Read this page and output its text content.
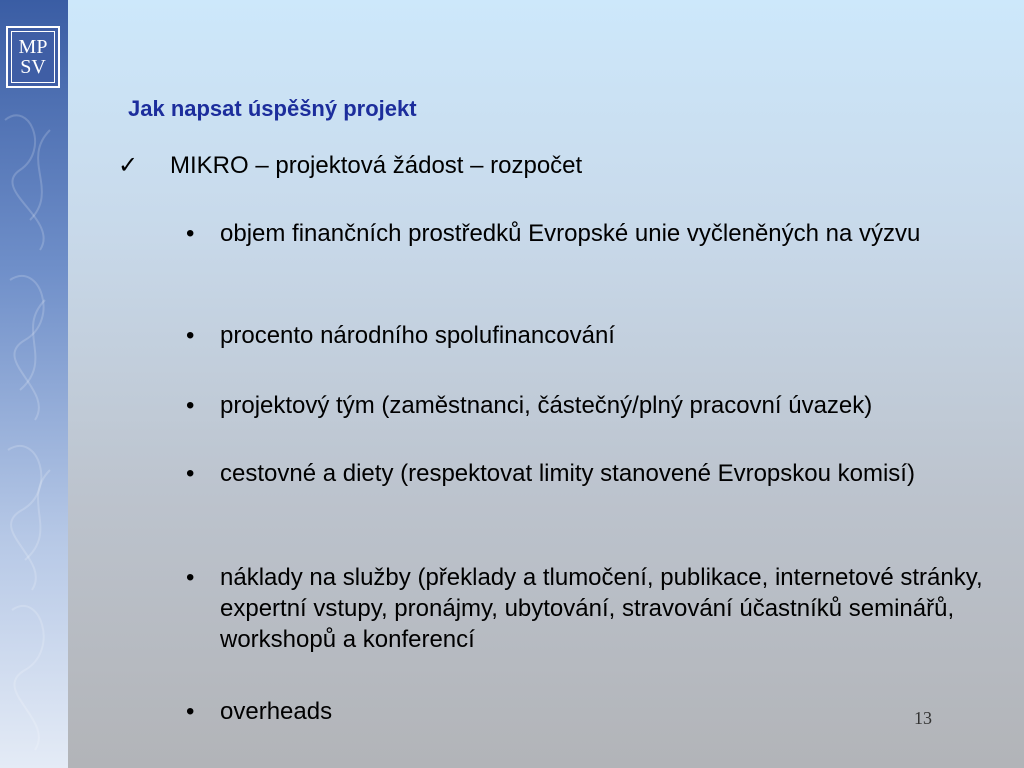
MP
SV
Jak napsat úspěšný projekt
✓ MIKRO – projektová žádost – rozpočet
• objem finančních prostředků Evropské unie vyčleněných na výzvu
• procento národního spolufinancování
• projektový tým (zaměstnanci, částečný/plný pracovní úvazek)
• cestovné a diety (respektovat limity stanovené Evropskou komisí)
• náklady na služby (překlady a tlumočení, publikace, internetové stránky, expertní vstupy, pronájmy, ubytování, stravování účastníků seminářů, workshopů a konferencí
• overheads	13
